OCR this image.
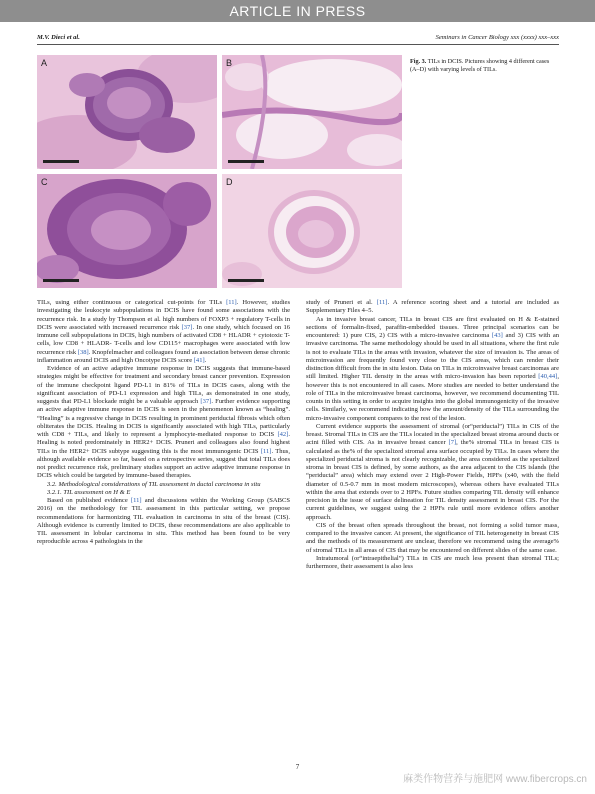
ARTICLE IN PRESS
M.V. Dieci et al.	Seminars in Cancer Biology xxx (xxxx) xxx–xxx
A	B
C	D
Fig. 3. TILs in DCIS. Pictures showing 4 different cases (A–D) with varying levels of TILs.

TILs, using either continuous or categorical cut-points for TILs [11]. However, studies investigating the leukocyte subpopulations in DCIS have found some associations with the recurrence risk. In a study by Thompson et al. high numbers of FOXP3 + regulatory T-cells in DCIS were associated with increased recurrence risk [37]. In one study, which focused on 16 immune cell subpopulations in DCIS, high numbers of activated CD8 + HLADR + cytotoxic T-cells, low CD8 + HLADR- T-cells and low CD115+ macrophages were associated with low recurrence risk [38]. Knopfelmacher and colleagues found an association between dense chronic inflammation around DCIS and high Oncotype DCIS score [41].

Evidence of an active adaptive immune response in DCIS suggests that immune-based strategies might be effective for treatment and secondary breast cancer prevention. Expression of the immune checkpoint ligand PD-L1 in 81% of TILs in DCIS cases, along with the significant association of PD-L1 expression and high TILs, as demonstrated in one study, suggests that PD-L1 blockade might be a valuable approach [37]. Further evidence supporting an active adaptive immune response in DCIS is seen in the phenomenon known as “healing”. “Healing” is a regressive change in DCIS resulting in prominent periductal fibrosis which often obliterates the DCIS. Healing in DCIS is significantly associated with high TILs, particularly with CD8 + TILs, and likely to represent a lymphocyte-mediated response to DCIS [42]. Healing is noted predominately in HER2+ DCIS. Pruneri and colleagues also found highest TILs in the HER2+ DCIS subtype suggesting this is the most immunogenic DCIS [11]. Thus, although available evidence so far, based on a retrospective series, suggest that total TILs does not predict recurrence risk, preliminary studies support an active adaptive immune response in DCIS which could be targeted by immune-based therapies.

3.2. Methodological considerations of TIL assessment in ductal carcinoma in situ

3.2.1. TIL assessment on H & E

Based on published evidence [11] and discussions within the Working Group (SABCS 2016) on the methodology for TIL assessment in this particular setting, we propose recommendations for harmonizing TIL evaluation in carcinoma in situ of the breast (CIS). Although evidence is currently limited to DCIS, these recommendations are also applicable to TIL assessment in lobular carcinoma in situ. This method has been found to be very reproducible across 4 pathologists in the

study of Pruneri et al. [11]. A reference scoring sheet and a tutorial are included as Supplementary Files 4–5.

As in invasive breast cancer, TILs in breast CIS are first evaluated on H & E-stained sections of formalin-fixed, paraffin-embedded tissues. Three principal scenarios can be encountered: 1) pure CIS, 2) CIS with a micro-invasive carcinoma [43] and 3) CIS with an invasive carcinoma. The same methodology should be used in all situations, where the first rule is not to evaluate TILs in the areas with invasion, whatever the size of invasion is. The areas of microinvasion are frequently found very close to the CIS areas, which can render their distinction difficult from the in situ lesion. Data on TILs in microinvasive breast carcinomas are still limited. Higher TIL density in the areas with micro-invasion has been reported [40,44], however this is not encountered in all cases. More studies are needed to better understand the role of TILs in the microinvasive breast carcinoma, however, we recommend documenting TIL counts in this setting in order to acquire insights into the global immunogenicity of the invasive cells. Similarly, we recommend indicating how the amount/density of the TILs surrounding the micro-invasive component compares to the rest of the lesion.

Current evidence supports the assessment of stromal (or“periductal”) TILs in CIS of the breast. Stromal TILs in CIS are the TILs located in the specialized breast stroma around ducts or acini filled with CIS. As in invasive breast cancer [7], the% stromal TILs in breast CIS is calculated as the% of the specialized stromal area surface occupied by TILs. In cases where the specialized periductal stroma is not clearly recognizable, the area considered as the specialized stroma in breast CIS is defined, by some authors, as the area adjacent to the CIS islands (the “periductal” area) which may extend over 2 High-Power Fields, HPFs (x40, with the field diameter of 0.5-0.7 mm in most modern microscopes), whereas others have evaluated TILs within the area that extends over to 2 HPFs. Future studies comparing TIL density will enhance precision in the issue of surface delineation for TIL density assessment in breast CIS. For the current guidelines, we suggest using the 2 HPFs rule until more evidence offers another approach.

CIS of the breast often spreads throughout the breast, not forming a solid tumor mass, compared to the invasive cancer. At present, the significance of TIL heterogeneity in breast CIS and the methods of its measurement are unclear, therefore we recommend using the average% of stromal TILs in all areas of CIS that may be encountered on different slides of the same case.

Intratumoral (or“intraepithelial”) TILs in CIS are much less present than stromal TILs; furthermore, their assessment is also less

7
麻类作物营养与施肥网 www.fibercrops.cn
